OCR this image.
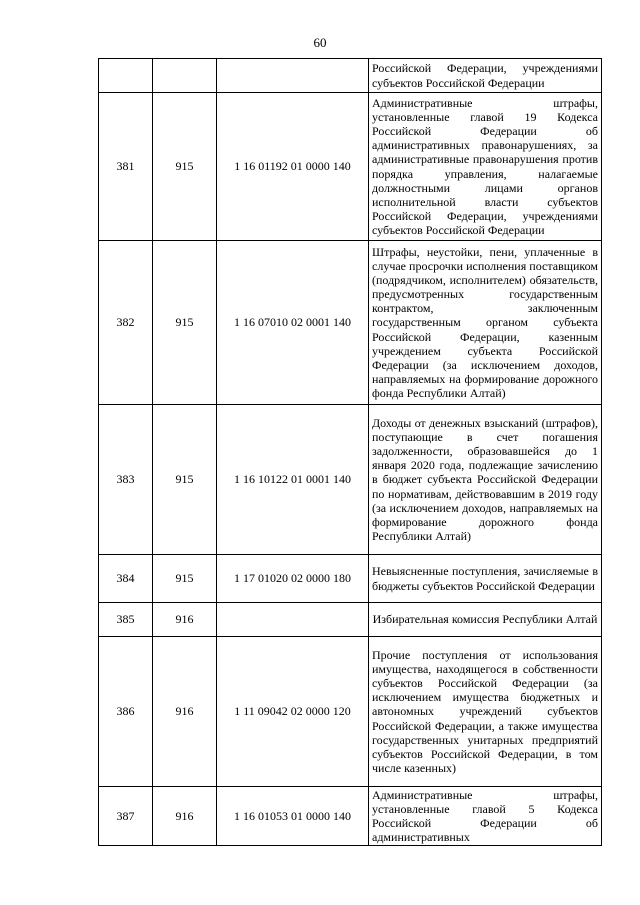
60
			Российской Федерации, учреждениями субъектов Российской Федерации
381	915	1 16 01192 01 0000 140	Административные штрафы, установленные главой 19 Кодекса Российской Федерации об административных правонарушениях, за административные правонарушения против порядка управления, налагаемые должностными лицами органов исполнительной власти субъектов Российской Федерации, учреждениями субъектов Российской Федерации
382	915	1 16 07010 02 0001 140	Штрафы, неустойки, пени, уплаченные в случае просрочки исполнения поставщиком (подрядчиком, исполнителем) обязательств, предусмотренных государственным контрактом, заключенным государственным органом субъекта Российской Федерации, казенным учреждением субъекта Российской Федерации (за исключением доходов, направляемых на формирование дорожного фонда Республики Алтай)
383	915	1 16 10122 01 0001 140	Доходы от денежных взысканий (штрафов), поступающие в счет погашения задолженности, образовавшейся до 1 января 2020 года, подлежащие зачислению в бюджет субъекта Российской Федерации по нормативам, действовавшим в 2019 году (за исключением доходов, направляемых на формирование дорожного фонда Республики Алтай)
384	915	1 17 01020 02 0000 180	Невыясненные поступления, зачисляемые в бюджеты субъектов Российской Федерации
385	916		Избирательная комиссия Республики Алтай
386	916	1 11 09042 02 0000 120	Прочие поступления от использования имущества, находящегося в собственности субъектов Российской Федерации (за исключением имущества бюджетных и автономных учреждений субъектов Российской Федерации, а также имущества государственных унитарных предприятий субъектов Российской Федерации, в том числе казенных)
387	916	1 16 01053 01 0000 140	Административные штрафы, установленные главой 5 Кодекса Российской Федерации об административных
